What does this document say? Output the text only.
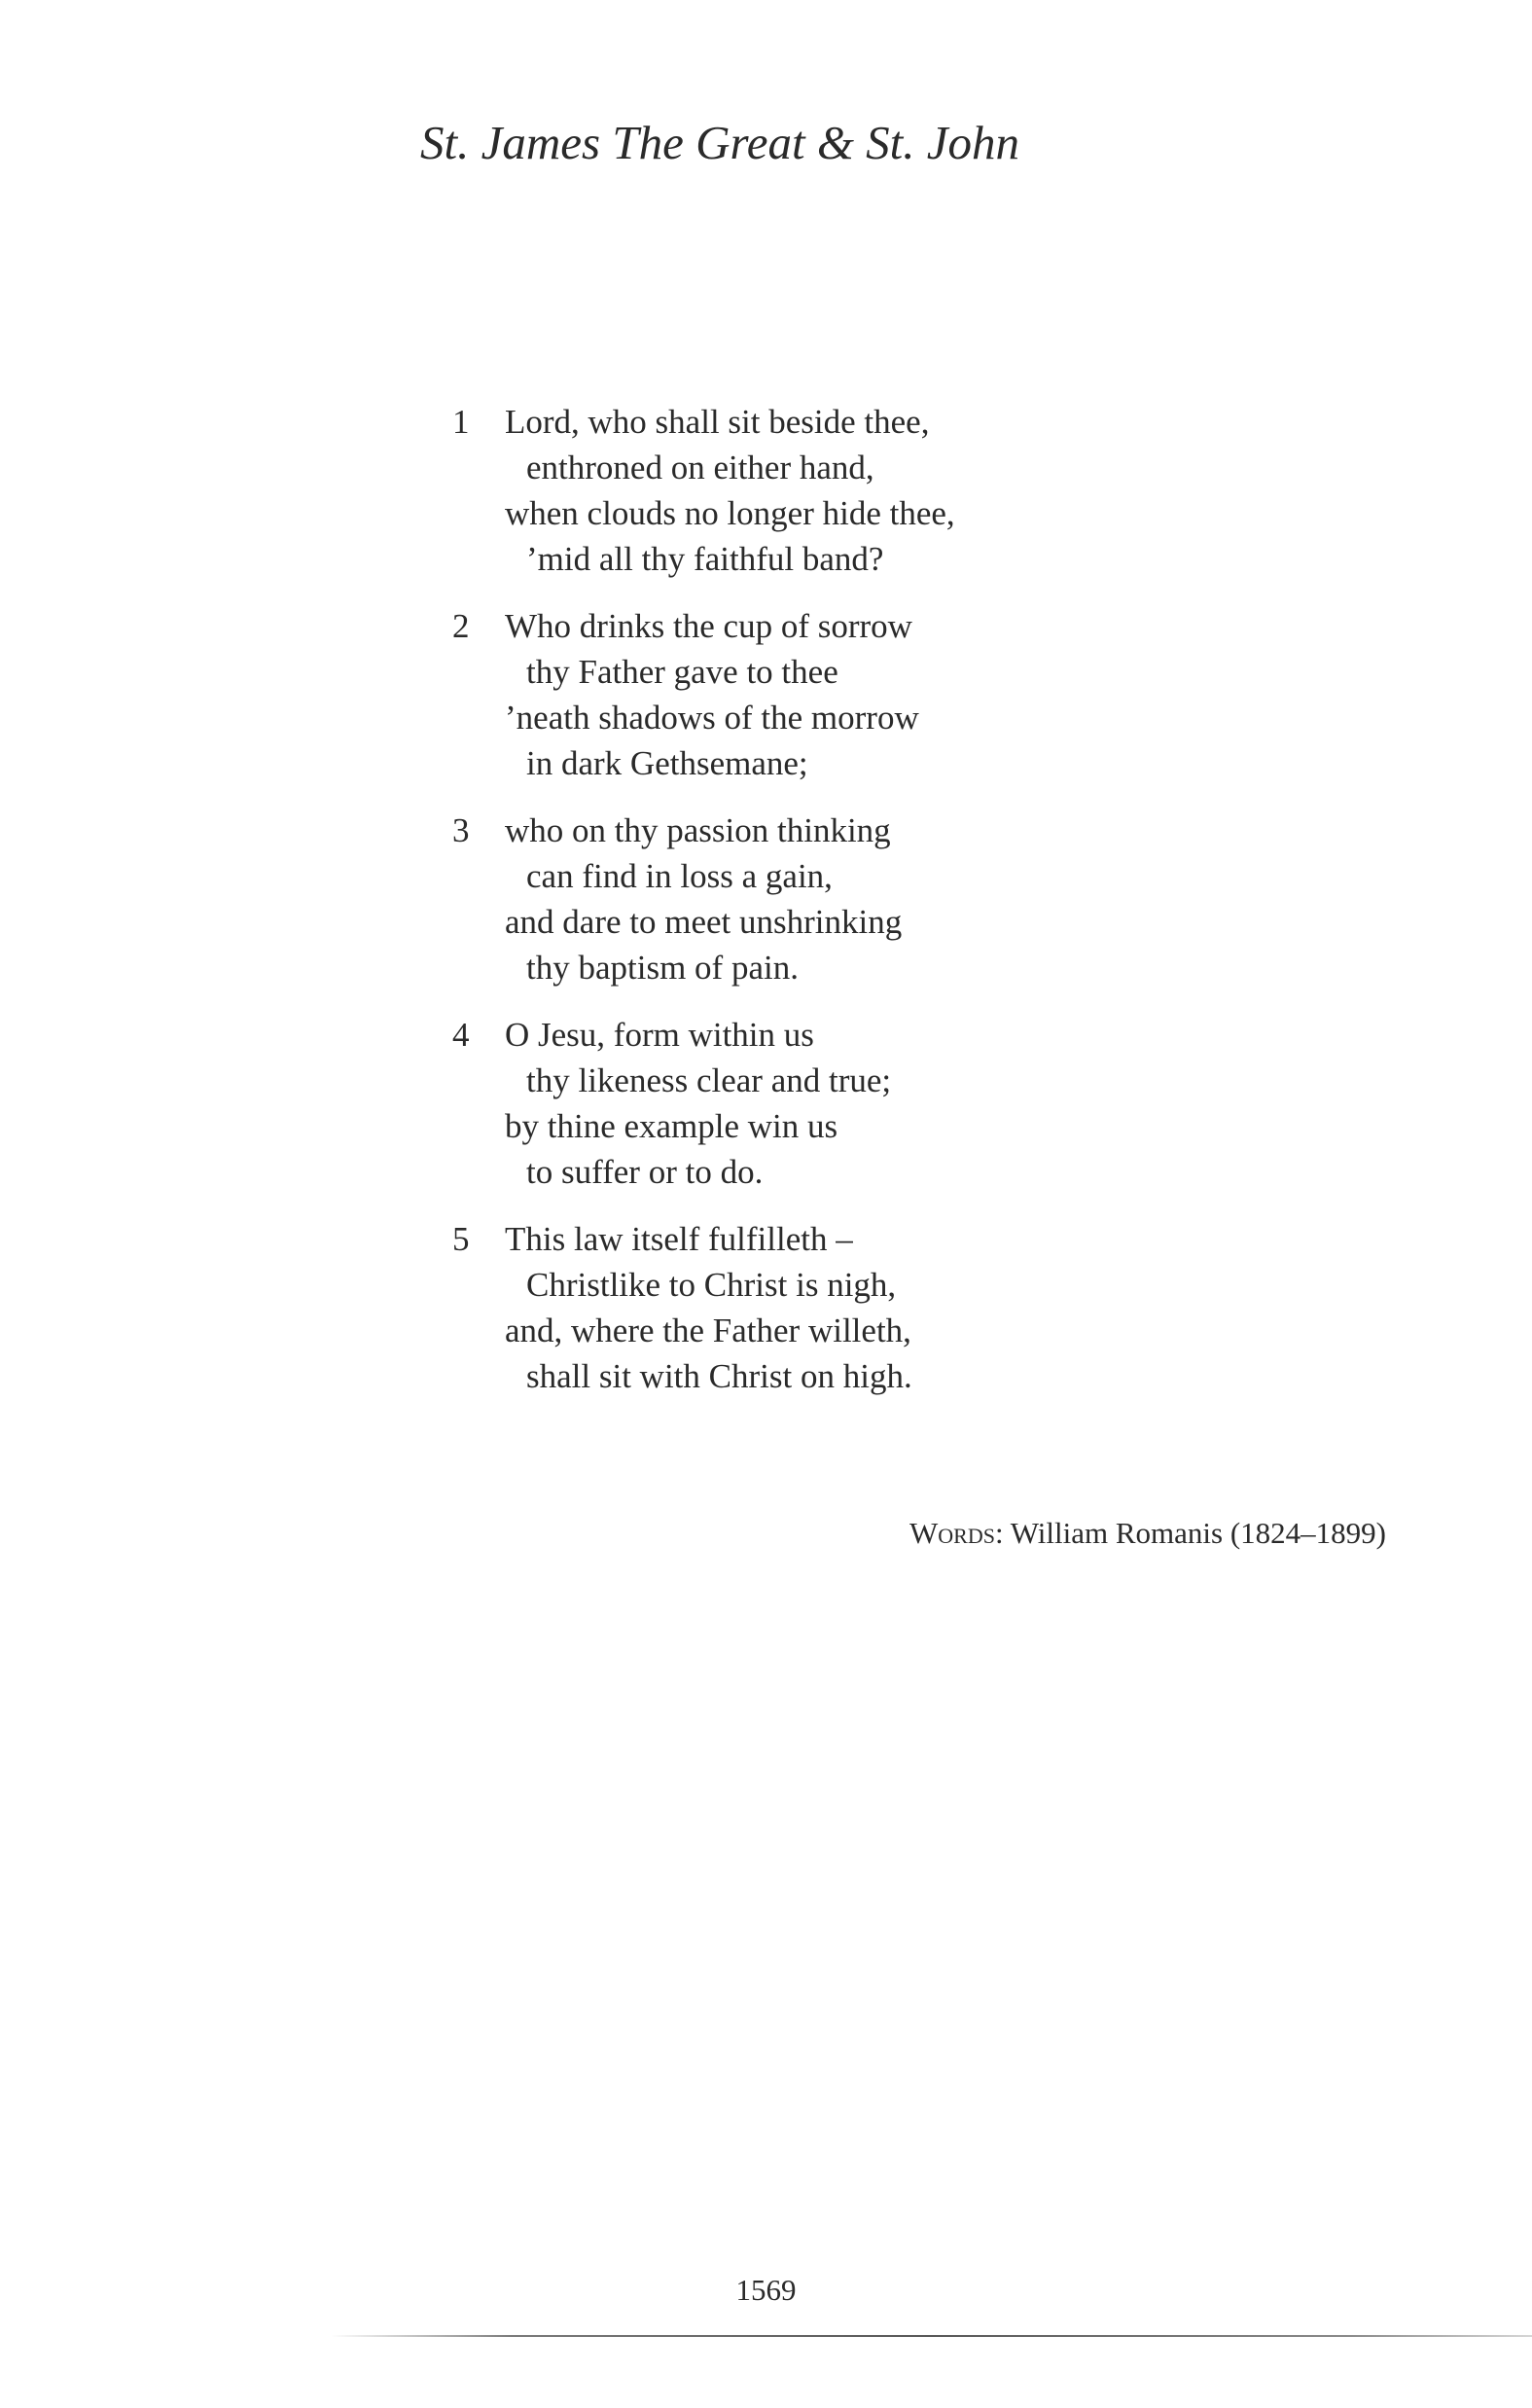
St. James The Great & St. John
1 Lord, who shall sit beside thee,
enthroned on either hand,
when clouds no longer hide thee,
’mid all thy faithful band?
2 Who drinks the cup of sorrow
thy Father gave to thee
’neath shadows of the morrow
in dark Gethsemane;
3 who on thy passion thinking
can find in loss a gain,
and dare to meet unshrinking
thy baptism of pain.
4 O Jesu, form within us
thy likeness clear and true;
by thine example win us
to suffer or to do.
5 This law itself fulfilleth –
Christlike to Christ is nigh,
and, where the Father willeth,
shall sit with Christ on high.
Words: William Romanis (1824–1899)
1569
